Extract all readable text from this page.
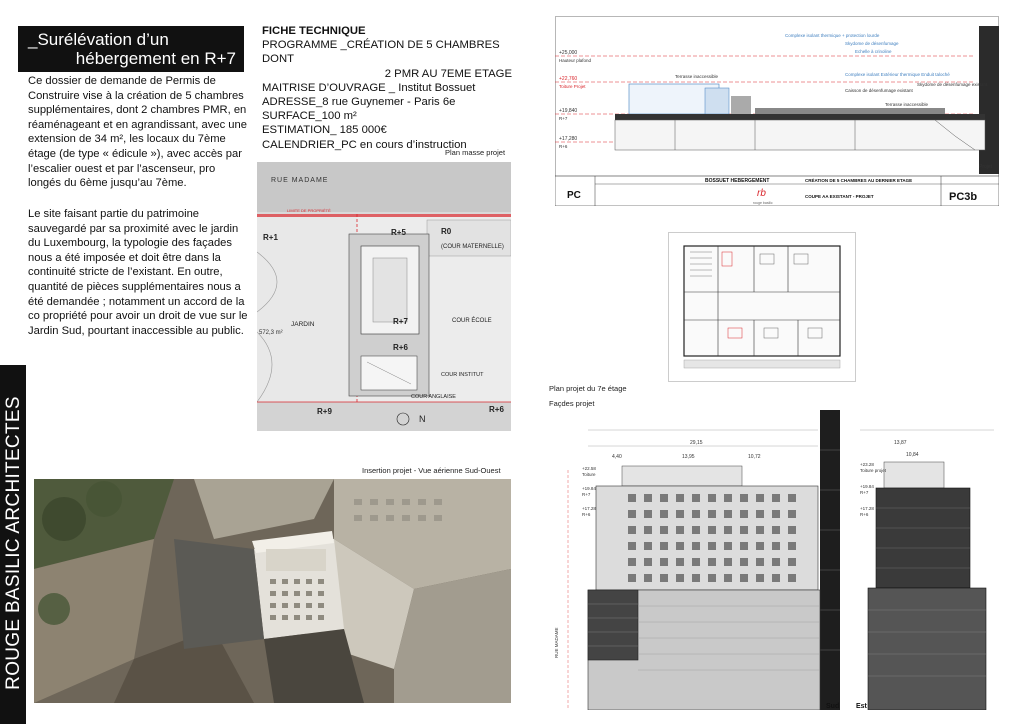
_Surélévation d’un
hébergement en R+7
Ce dossier de demande de Permis de Construire vise à la création de 5 chambres supplémentaires, dont 2 chambres PMR, en réaménageant et en agrandissant, avec une extension de 34 m², les locaux du 7ème étage (de type « édicule »), avec accès par l’escalier ouest et par l’ascenseur, pro longés du 6ème jusqu’au 7ème.
Le site faisant partie du patrimoine sauvegardé par sa proximité avec le jardin du Luxembourg, la typologie des façades nous a été imposée et doit être dans la continuité stricte de l’existant. En outre, quantité de pièces supplémentaires nous a été demandée ; notamment un accord de la co propriété pour avoir un droit de vue sur le Jardin Sud, pourtant inaccessible au public.
ROUGE BASILIC ARCHITECTES
FICHE TECHNIQUE
PROGRAMME _CRÉATION DE 5 CHAMBRES DONT
2 PMR AU 7EME ETAGE
MAITRISE D’OUVRAGE _ Institut Bossuet
ADRESSE_8 rue Guynemer - Paris 6e
SURFACE_100 m²
ESTIMATION_ 185 000€
CALENDRIER_PC en cours d’instruction
Plan masse projet
RUE MADAME
LIMITE DE PROPRIÉTÉ
R+1
R0
(COUR MATERNELLE)
JARDIN
572,3 m²
R+7
R+6
R+5
COUR ÉCOLE
COUR INSTITUT
COUR ANGLAISE
R+9	R+6
N
Insertion projet - Vue aérienne Sud-Ouest
+25,000
Hauteur plafond
+22,760
Toiture Projet
+19,840
R+7
+17,280
R+6
Complexe isolant thermique + protection lourde
Skydome de désenfumage
Echelle à crinoline
Complexe isolant Extérieur thermique Enduit taloché
Caisson de désenfumage existant
Skydome de désenfumage existant
Terrasse inaccessible
Terrasse inaccessible
Projet
PC
BOSSUET HEBERGEMENT	CRÉATION DE 5 CHAMBRES AU DERNIER ETAGE
COUPE AA EXISTANT - PROJET
rb
rouge basilic	PC3b
Plan projet du 7e étage
Façdes projet
29,15
4,40	13,95	10,72
+22.58
Toiture
+19.84
R+7
+17.28
R+6
RUE MADAME
Sud
13,87
10,84
+23.28
Toiture projet
+19.84
R+7
+17.28
R+6
Est
